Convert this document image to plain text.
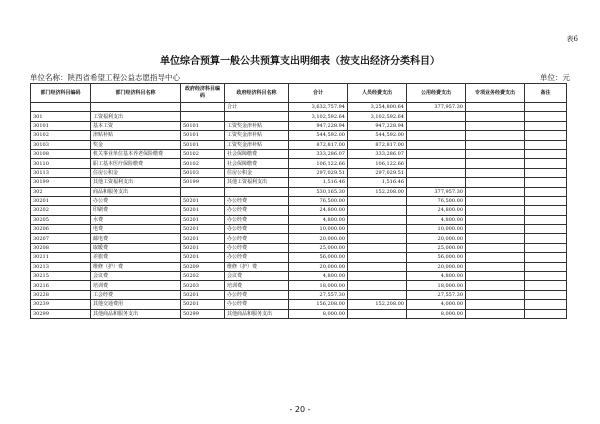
表6
单位综合预算一般公共预算支出明细表（按支出经济分类科目）
单位名称：陕西省希望工程公益志愿指导中心	单位：元
部门经济科目编码	部门经济科目名称	政府经济科目编码	政府经济科目名称	合计	人员经费支出	公用经费支出	专项业务经费支出	备注
			合计	3,632,757.94	3,254,800.64	377,957.30		
301	工资福利支出			3,102,592.64	3,102,592.64			
30101	基本工资	50101	工资奖金津补贴	947,228.94	947,228.94			
30102	津贴补贴	50101	工资奖金津补贴	544,592.00	544,592.00			
30103	奖金	50101	工资奖金津补贴	872,817.00	872,817.00			
30108	机关事业单位基本养老保险缴费	50102	社会保障缴费	333,286.07	333,286.07			
30110	职工基本医疗保险缴费	50102	社会保障缴费	106,122.66	106,122.66			
30113	住房公积金	50103	住房公积金	297,029.51	297,029.51			
30199	其他工资福利支出	50199	其他工资福利支出	1,516.46	1,516.46			
302	商品和服务支出			530,165.30	152,208.00	377,957.30		
30201	办公费	50201	办公经费	76,500.00		76,500.00		
30202	印刷费	50201	办公经费	24,800.00		24,800.00		
30205	水费	50201	办公经费	4,800.00		4,800.00		
30206	电费	50201	办公经费	10,000.00		10,000.00		
30207	邮电费	50201	办公经费	20,000.00		20,000.00		
30208	取暖费	50201	办公经费	25,000.00		25,000.00		
30211	差旅费	50201	办公经费	56,000.00		56,000.00		
30213	维修（护）费	50209	维修（护）费	20,000.00		20,000.00		
30215	会议费	50202	会议费	4,800.00		4,800.00		
30216	培训费	50203	培训费	18,000.00		18,000.00		
30228	工会经费	50201	办公经费	27,557.30		27,557.30		
30239	其他交通费用	50201	办公经费	156,208.00	152,208.00	4,000.00		
30299	其他商品和服务支出	50299	其他商品和服务支出	8,000.00		8,000.00		
- 20 -
